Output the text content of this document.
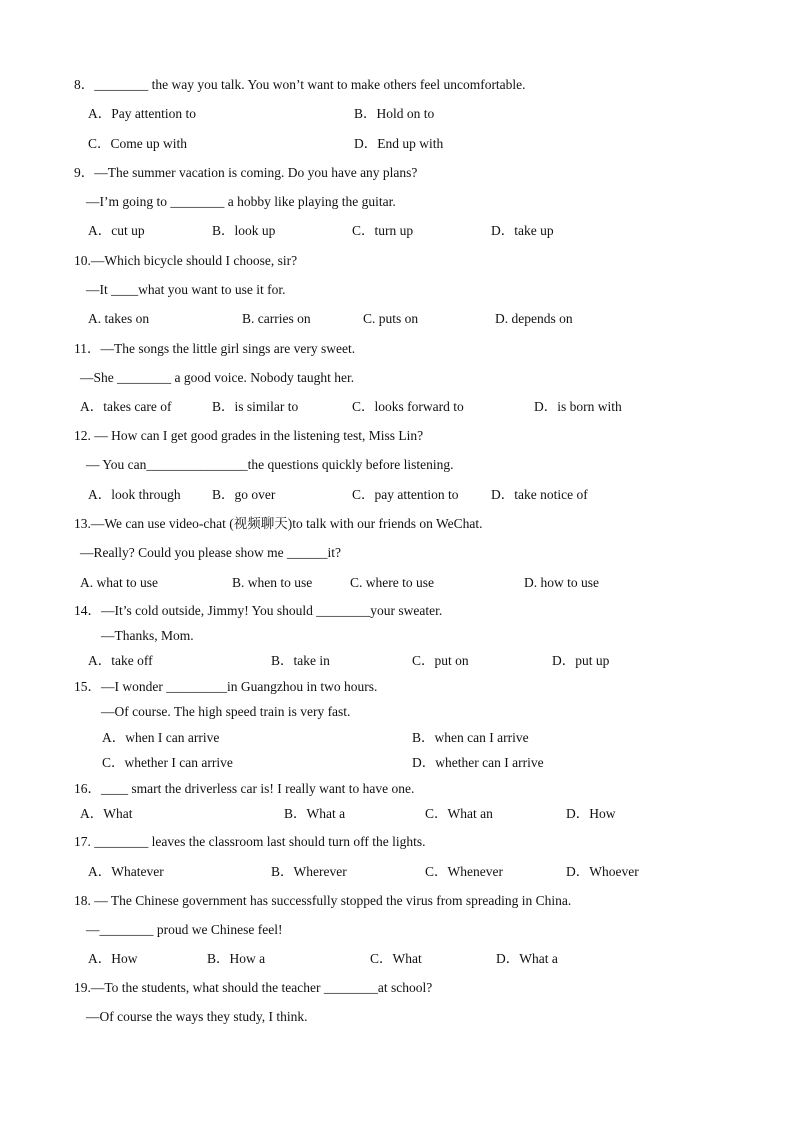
8．________ the way you talk. You won’t want to make others feel uncomfortable.
A．Pay attention to	B．Hold on to
C．Come up with	D．End up with
9．—The summer vacation is coming. Do you have any plans?
—I’m going to ________ a hobby like playing the guitar.
A．cut up	B．look up	C．turn up	D．take up
10.—Which bicycle should I choose, sir?
—It ____what you want to use it for.
A. takes on	B. carries on	C. puts on	D. depends on
11．—The songs the little girl sings are very sweet.
—She ________ a good voice. Nobody taught her.
A．takes care of	B．is similar to	C．looks forward to	D．is born with
12. — How can I get good grades in the listening test, Miss Lin?
— You can_______________the questions quickly before listening.
A．look through B．go over	C．pay attention to D．take notice of
13.—We can use video-chat (视频聊天)to talk with our friends on WeChat.
—Really? Could you please show me ______it?
A. what to use	B. when to use	C. where to use	D. how to use
14．—It’s cold outside, Jimmy! You should ________your sweater.
—Thanks, Mom.
A．take off	B．take in	C．put on	D．put up
15．—I wonder _________in Guangzhou in two hours.
—Of course. The high speed train is very fast.
A．when I can arrive	B．when can I arrive
C．whether I can arrive	D．whether can I arrive
16．____ smart the driverless car is! I really want to have one.
A．What	B．What a	C．What an	D．How
17. ________ leaves the classroom last should turn off the lights.
A．Whatever	B．Wherever	C．Whenever	D．Whoever
18. — The Chinese government has successfully stopped the virus from spreading in China.
—________ proud we Chinese feel!
A．How	B．How a	C．What	D．What a
19.—To the students, what should the teacher ________at school?
—Of course the ways they study, I think.
